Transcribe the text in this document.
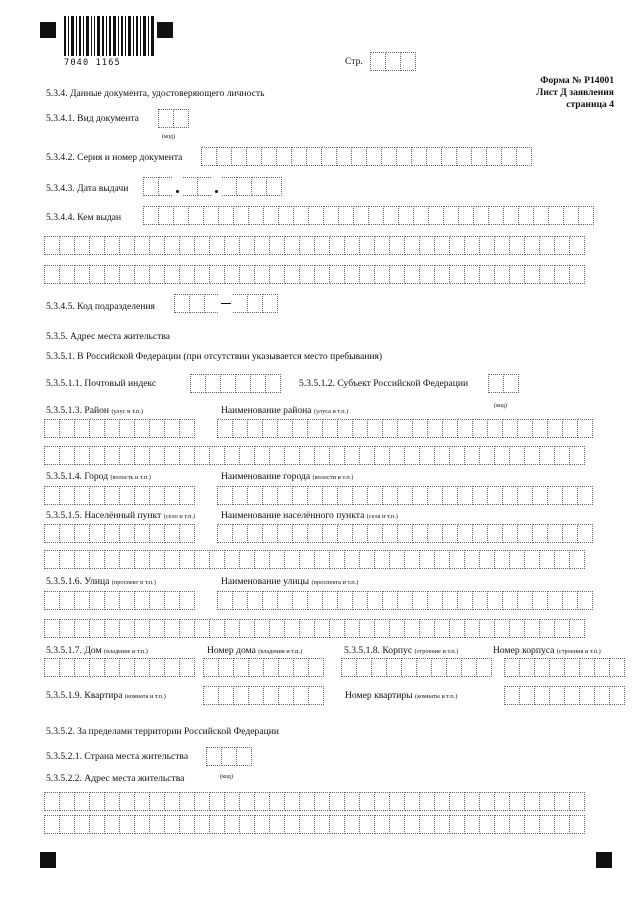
7040 1165	Стр.
Форма № Р14001
Лист Д заявления
страница 4
5.3.4. Данные документа, удостоверяющего личность
5.3.4.1. Вид документа
(код)
5.3.4.2. Серия и номер документа
5.3.4.3. Дата выдачи
5.3.4.4. Кем выдан
5.3.4.5. Код подразделения
5.3.5. Адрес места жительства
5.3.5.1. В Российской Федерации (при отсутствии указывается место пребывания)
5.3.5.1.1. Почтовый индекс	5.3.5.1.2. Субъект Российской Федерации
(код)
5.3.5.1.3. Район (улус и т.п.)	Наименование района (улуса и т.п.)
5.3.5.1.4. Город (волость и т.п.)	Наименование города (волости и т.п.)
5.3.5.1.5. Населённый пункт (село и т.п.)	Наименование населённого пункта (села и т.п.)
5.3.5.1.6. Улица (проспект и т.п.)	Наименование улицы (проспекта и т.п.)
5.3.5.1.7. Дом (владение и т.п.)	Номер дома (владения и т.п.)	5.3.5.1.8. Корпус (строение и т.п.)	Номер корпуса (строения и т.п.)
5.3.5.1.9. Квартира (комната и т.п.)	Номер квартиры (комнаты и т.п.)
5.3.5.2. За пределами территории Российской Федерации
5.3.5.2.1. Страна места жительства
5.3.5.2.2. Адрес места жительства	(код)
